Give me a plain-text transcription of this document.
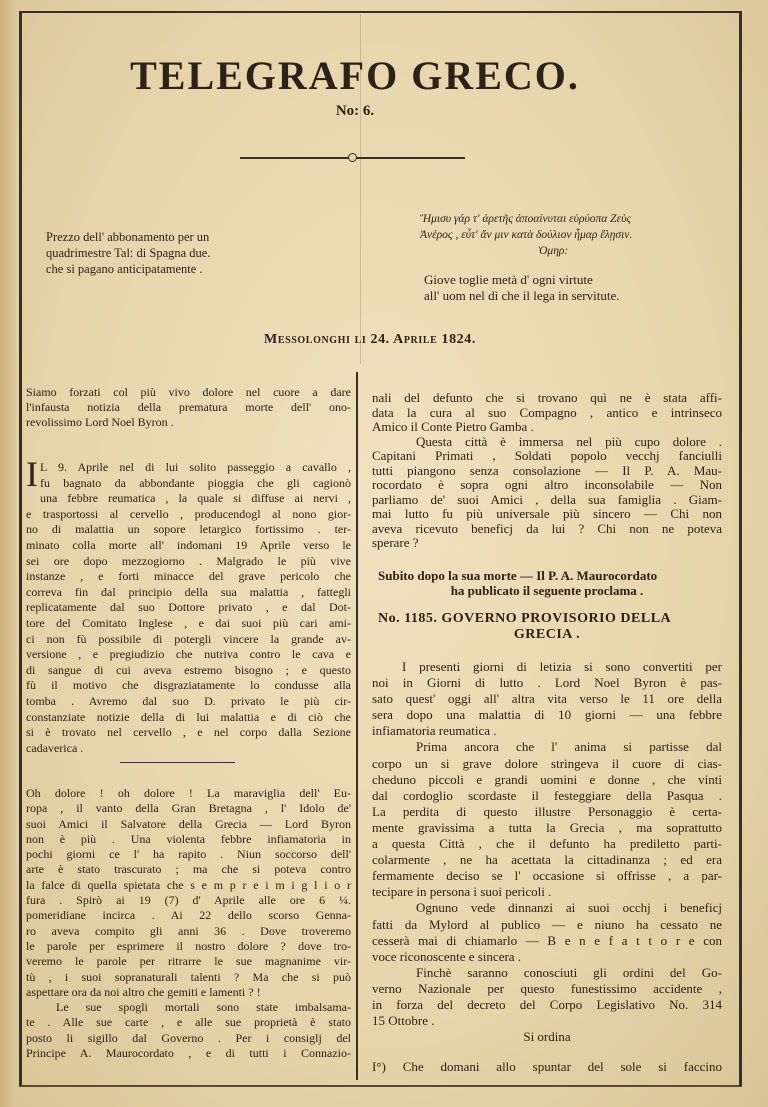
TELEGRAFO GRECO.
No: 6.
Prezzo dell' abbonamento per un
quadrimestre Tal: di Spagna due.
che si pagano anticipatamente .
Ἥμισυ γάρ τ' ἀρετῆς ἀποαίνυται εὐρύοπα Ζεὺς
Ἀνέρος , εὖτ' ἄν μιν κατὰ δούλιον ἦμαρ ἕλῃσιν.
Ὁμηρ:
Giove toglie metà d' ogni virtute
all' uom nel dì che il lega in servitute.
Messolonghi li 24. Aprile 1824.
Siamo forzati col più vivo dolore nel cuore a dare
l'infausta notizia della prematura morte dell' ono-
revolissimo Lord Noel Byron .
I L 9. Aprile nel di lui solito passeggio a cavallo ,
fu bagnato da abbondante pioggia che gli cagionò
una febbre reumatica , la quale si diffuse ai nervi ,
e trasportossi al cervello , producendogl al nono gior-
no di malattia un sopore letargico fortissimo . ter-
minato colla morte all' indomani 19 Aprile verso le
sei ore dopo mezzogiorno . Malgrado le più vive
instanze , e forti minacce del grave pericolo che
correva fin dal principio della sua malattia , fattegli
replicatamente dal suo Dottore privato , e dal Dot-
tore del Comitato Inglese , e dai suoi più cari ami-
ci non fù possibile di potergli vincere la grande av-
versione , e pregiudizio che nutriva contro le cava e
di sangue di cui aveva estremo bisogno ; e questo
fù il motivo che disgraziatamente lo condusse alla
tomba . Avremo dal suo D. privato le più cir-
constanziate notizie della di lui malattia e di ciò che
si è trovato nel cervello , e nel corpo dalla Sezione
cadaverica .
Oh dolore ! oh dolore ! La maraviglia dell' Eu-
ropa , il vanto della Gran Bretagna , l' Idolo de'
suoi Amici il Salvatore della Grecia — Lord Byron
non è più . Una violenta febbre infiamatoria in
pochi giorni ce l' ha rapito . Niun soccorso dell'
arte è stato trascurato ; ma che si poteva contro
la falce di quella spietata che s e m p r e i m i g l i o r
fura . Spirò ai 19 (7) d' Aprile alle ore 6 ¼.
pomeridiane incirca . Ai 22 dello scorso Genna-
ro aveva compito gli anni 36 . Dove troveremo
le parole per esprimere il nostro dolore ? dove tro-
veremo le parole per ritrarre le sue magnanime vir-
tù , i suoi sopranaturali talenti ? Ma che si può
aspettare ora da noi altro che gemiti e lamenti ? !
Le sue spogli mortali sono state imbalsama-
te . Alle sue carte , e alle sue proprietà è stato
posto li sigillo dal Governo . Per i consiglj del
Principe A. Maurocordato , e di tutti i Connazio-
nali del defunto che si trovano quì ne è stata affi-
data la cura al suo Compagno , antico e intrinseco
Amico il Conte Pietro Gamba .
Questa città è immersa nel più cupo dolore .
Capitani Primati , Soldati popolo vecchj fanciulli
tutti piangono senza consolazione — Il P. A. Mau-
rocordato è sopra ogni altro inconsolabile — Non
parliamo de' suoi Amici , della sua famiglia . Giam-
mai lutto fu più universale più sincero — Chi non
aveva ricevuto beneficj da lui ? Chi non ne poteva
sperare ?
Subito dopo la sua morte — Il P. A. Maurocordato
ha publicato il seguente proclama .
No. 1185. GOVERNO PROVISORIO DELLA
GRECIA .
I presenti giorni di letizia si sono convertiti per
noi in Giorni di lutto . Lord Noel Byron è pas-
sato quest' oggi all' altra vita verso le 11 ore della
sera dopo una malattia di 10 giorni — una febbre
infiamatoria reumatica .
Prima ancora che l' anima si partisse dal
corpo un si grave dolore stringeva il cuore di cias-
cheduno piccoli e grandi uomini e donne , che vinti
dal cordoglio scordaste il festeggiare della Pasqua .
La perdita di questo illustre Personaggio è certa-
mente gravissima a tutta la Grecia , ma soprattutto
a questa Città , che il defunto ha prediletto parti-
colarmente , ne ha acettata la cittadinanza ; ed era
fermamente deciso se l' occasione si offrisse , a par-
tecipare in persona i suoi pericoli .
Ognuno vede dinnanzi ai suoi occhj i beneficj
fatti da Mylord al publico — e niuno ha cessato ne
cesserà mai di chiamarlo — B e n e f a t t o r e con
voce riconoscente e sincera .
Finchè saranno conosciuti gli ordini del Go-
verno Nazionale per questo funestissimo accidente ,
in forza del decreto del Corpo Legislativo No. 314
15 Ottobre .
Si ordina
I°) Che domani allo spuntar del sole si faccino
